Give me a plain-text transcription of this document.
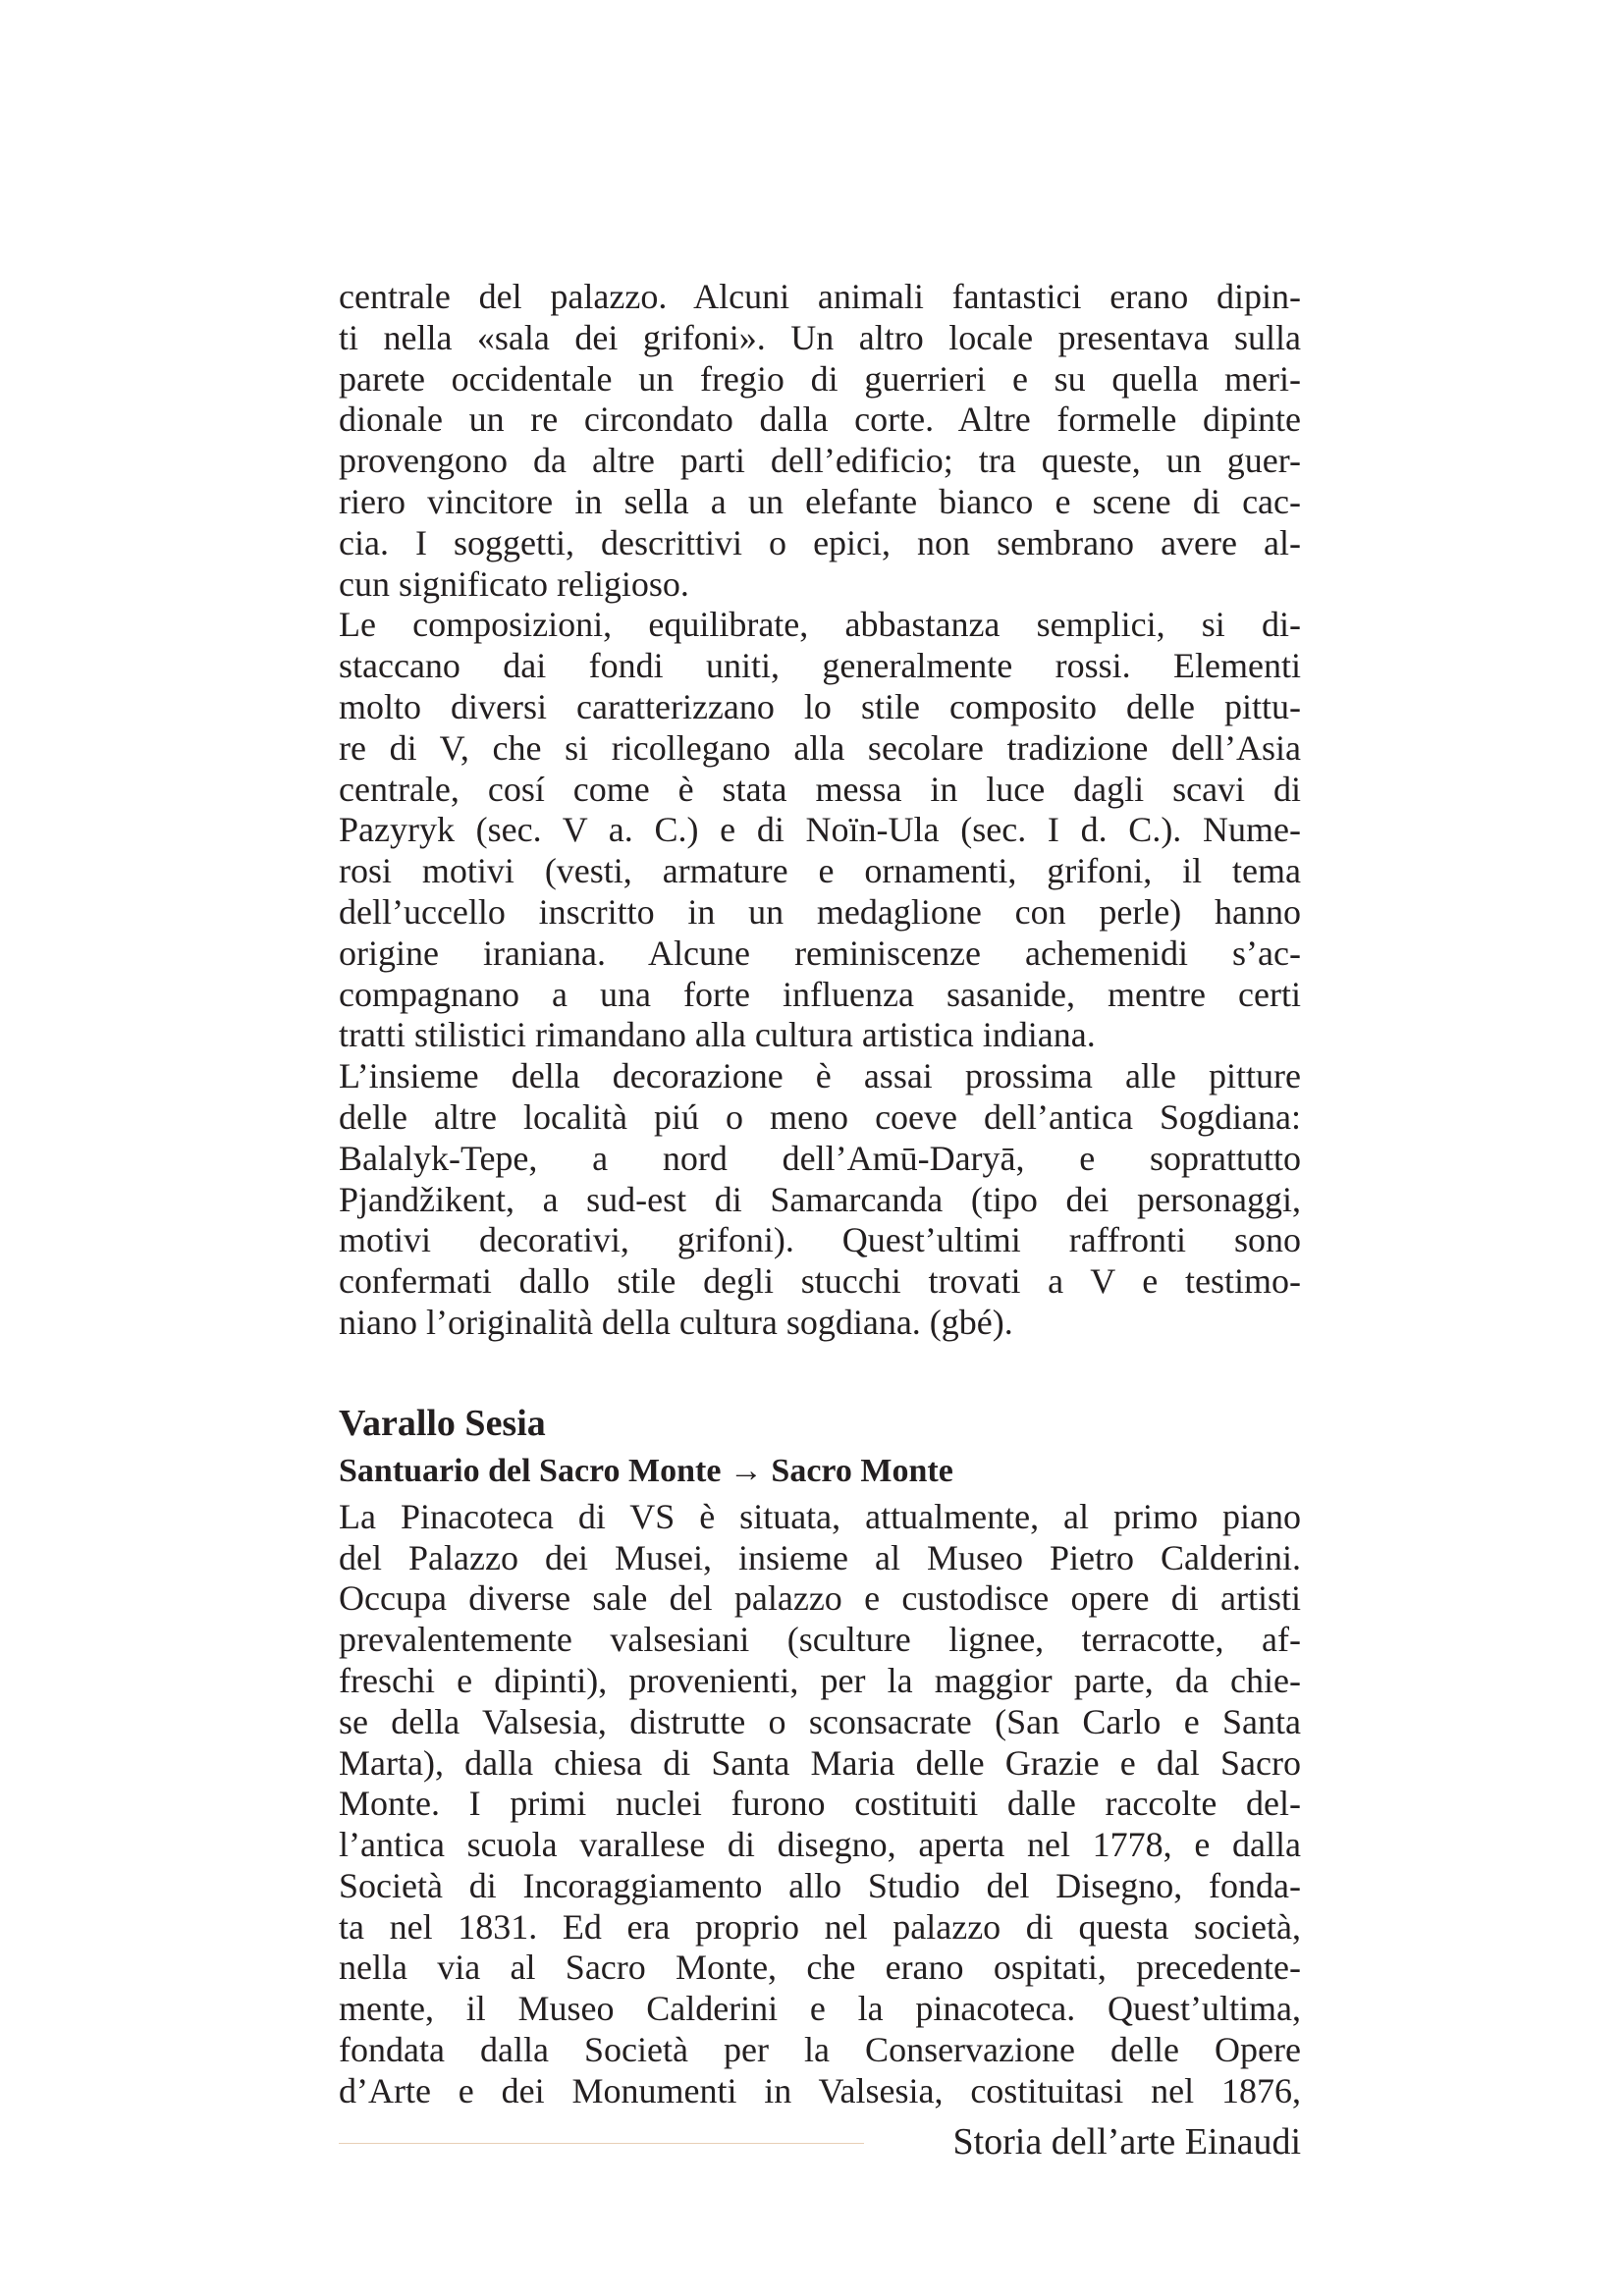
centrale del palazzo. Alcuni animali fantastici erano dipin-
ti nella «sala dei grifoni». Un altro locale presentava sulla
parete occidentale un fregio di guerrieri e su quella meri-
dionale un re circondato dalla corte. Altre formelle dipinte
provengono da altre parti dell’edificio; tra queste, un guer-
riero vincitore in sella a un elefante bianco e scene di cac-
cia. I soggetti, descrittivi o epici, non sembrano avere al-
cun significato religioso.
Le composizioni, equilibrate, abbastanza semplici, si di-
staccano dai fondi uniti, generalmente rossi. Elementi
molto diversi caratterizzano lo stile composito delle pittu-
re di V, che si ricollegano alla secolare tradizione dell’Asia
centrale, cosí come è stata messa in luce dagli scavi di
Pazyryk (sec. V a. C.) e di Noïn-Ula (sec. I d. C.). Nume-
rosi motivi (vesti, armature e ornamenti, grifoni, il tema
dell’uccello inscritto in un medaglione con perle) hanno
origine iraniana. Alcune reminiscenze achemenidi s’ac-
compagnano a una forte influenza sasanide, mentre certi
tratti stilistici rimandano alla cultura artistica indiana.
L’insieme della decorazione è assai prossima alle pitture
delle altre località piú o meno coeve dell’antica Sogdiana:
Balalyk-Tepe, a nord dell’Amū-Daryā, e soprattutto
Pjandžikent, a sud-est di Samarcanda (tipo dei personaggi,
motivi decorativi, grifoni). Quest’ultimi raffronti sono
confermati dallo stile degli stucchi trovati a V e testimo-
niano l’originalità della cultura sogdiana. (gbé).
Varallo Sesia
Santuario del Sacro Monte → Sacro Monte
La Pinacoteca di VS è situata, attualmente, al primo piano
del Palazzo dei Musei, insieme al Museo Pietro Calderini.
Occupa diverse sale del palazzo e custodisce opere di artisti
prevalentemente valsesiani (sculture lignee, terracotte, af-
freschi e dipinti), provenienti, per la maggior parte, da chie-
se della Valsesia, distrutte o sconsacrate (San Carlo e Santa
Marta), dalla chiesa di Santa Maria delle Grazie e dal Sacro
Monte. I primi nuclei furono costituiti dalle raccolte del-
l’antica scuola varallese di disegno, aperta nel 1778, e dalla
Società di Incoraggiamento allo Studio del Disegno, fonda-
ta nel 1831. Ed era proprio nel palazzo di questa società,
nella via al Sacro Monte, che erano ospitati, precedente-
mente, il Museo Calderini e la pinacoteca. Quest’ultima,
fondata dalla Società per la Conservazione delle Opere
d’Arte e dei Monumenti in Valsesia, costituitasi nel 1876,
Storia dell’arte Einaudi
